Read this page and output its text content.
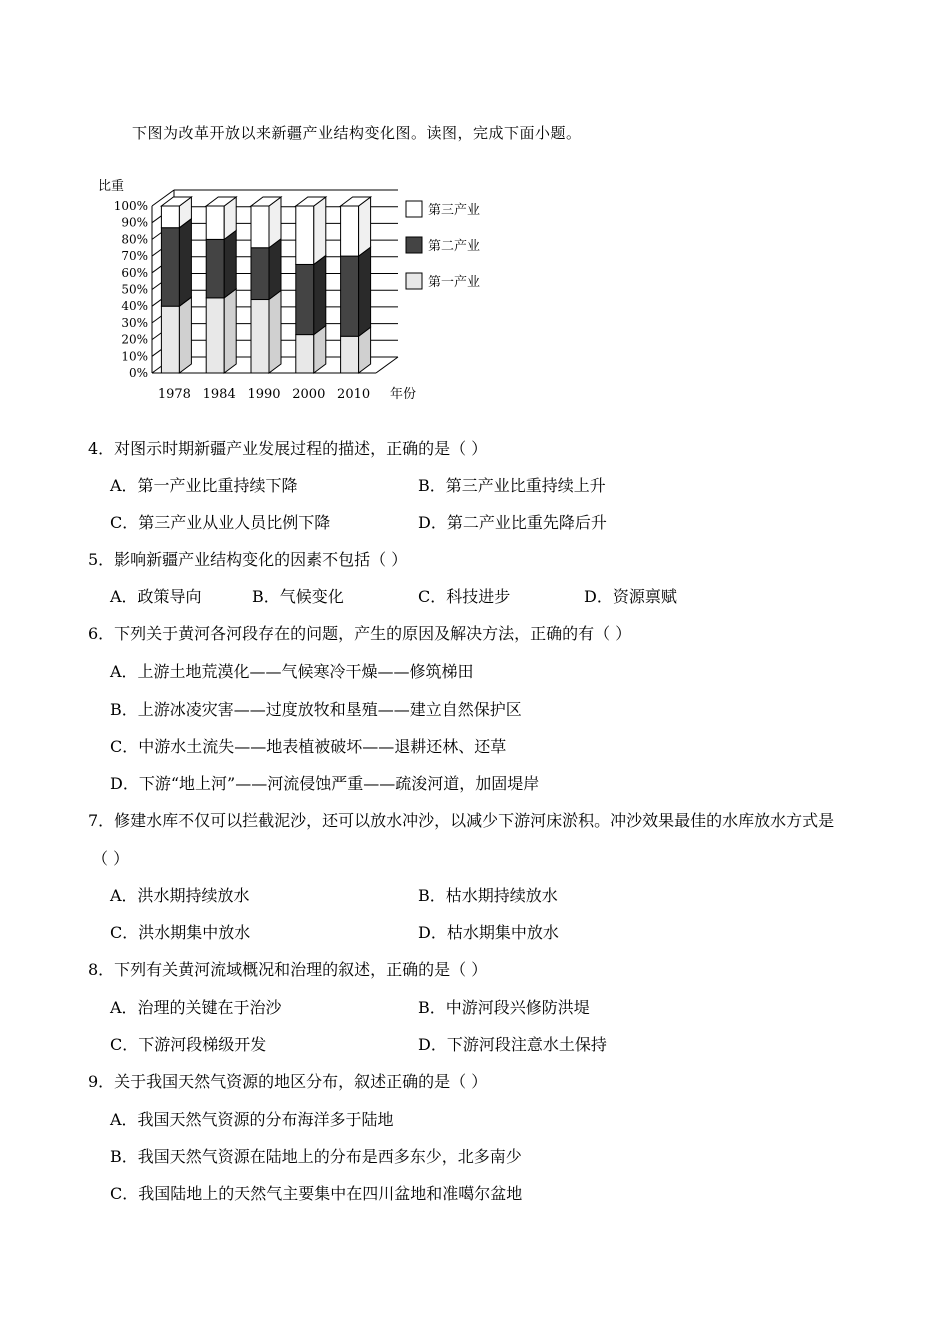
下图为改革开放以来新疆产业结构变化图。读图，完成下面小题。
0%
10%
20%
30%
40%
50%
60%
70%
80%
90%
100%
比重
1978 1984 1990 2000 2010 年份
第三产业
第二产业
第一产业
4．对图示时期新疆产业发展过程的描述，正确的是（ ）
A．第一产业比重持续下降	B．第三产业比重持续上升
C．第三产业从业人员比例下降	D．第二产业比重先降后升
5．影响新疆产业结构变化的因素不包括（ ）
A．政策导向	B．气候变化	C．科技进步	D．资源禀赋
6．下列关于黄河各河段存在的问题，产生的原因及解决方法，正确的有（ ）
A．上游土地荒漠化——气候寒冷干燥——修筑梯田
B．上游冰凌灾害——过度放牧和垦殖——建立自然保护区
C．中游水土流失——地表植被破坏——退耕还林、还草
D．下游“地上河”——河流侵蚀严重——疏浚河道，加固堤岸
7．修建水库不仅可以拦截泥沙，还可以放水冲沙，以减少下游河床淤积。冲沙效果最佳的水库放水方式是
（ ）
A．洪水期持续放水	B．枯水期持续放水
C．洪水期集中放水	D．枯水期集中放水
8．下列有关黄河流域概况和治理的叙述，正确的是（ ）
A．治理的关键在于治沙	B．中游河段兴修防洪堤
C．下游河段梯级开发	D．下游河段注意水土保持
9．关于我国天然气资源的地区分布，叙述正确的是（ ）
A．我国天然气资源的分布海洋多于陆地
B．我国天然气资源在陆地上的分布是西多东少，北多南少
C．我国陆地上的天然气主要集中在四川盆地和准噶尔盆地
